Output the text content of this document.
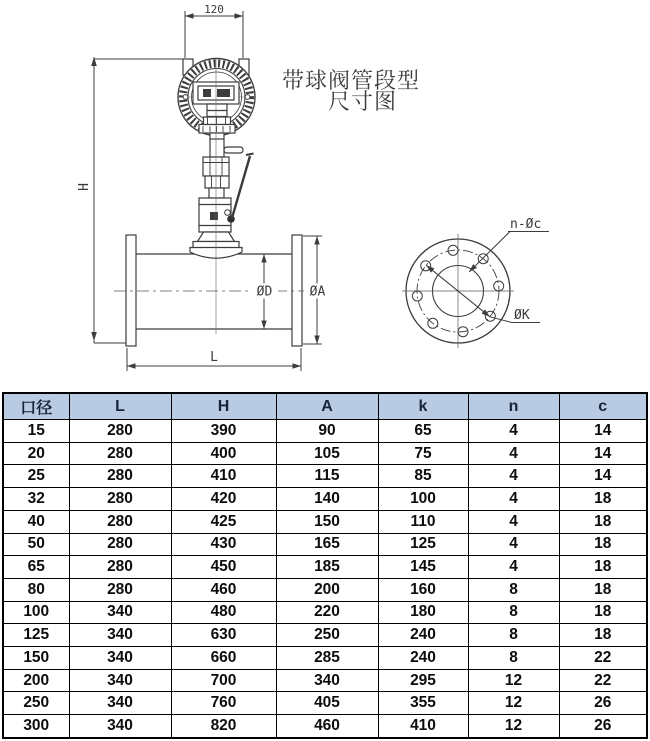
H
120
ØD	ØA
L
n-Øc
ØK
带球阀管段型
尺寸图
口径	L	H	A	k	n	c
15	280	390	90	65	4	14
20	280	400	105	75	4	14
25	280	410	115	85	4	14
32	280	420	140	100	4	18
40	280	425	150	110	4	18
50	280	430	165	125	4	18
65	280	450	185	145	4	18
80	280	460	200	160	8	18
100	340	480	220	180	8	18
125	340	630	250	240	8	18
150	340	660	285	240	8	22
200	340	700	340	295	12	22
250	340	760	405	355	12	26
300	340	820	460	410	12	26
